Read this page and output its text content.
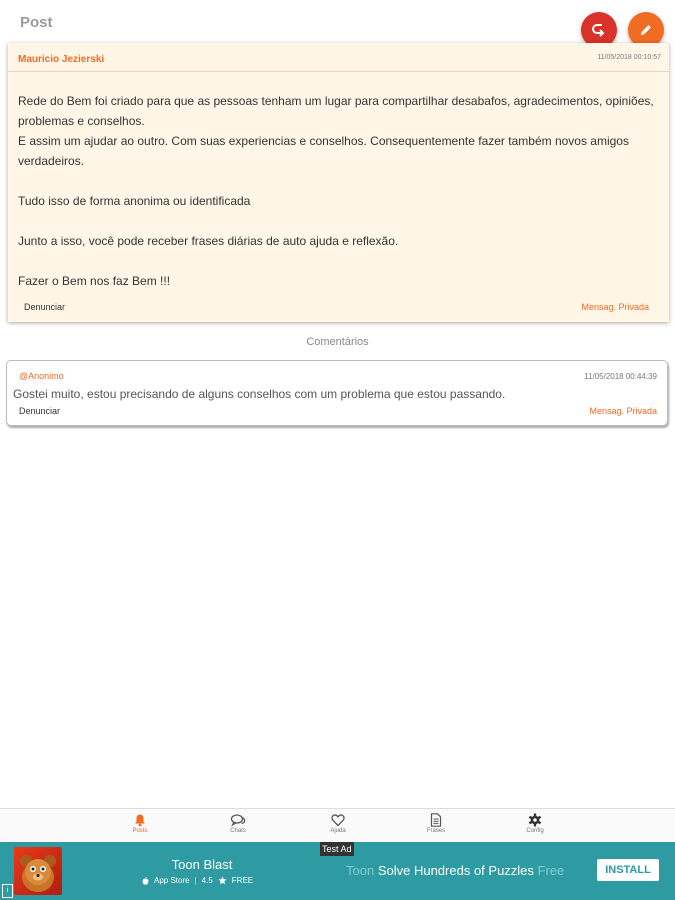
Post
Mauricio Jezierski	11/05/2018 00:10:57
Rede do Bem foi criado para que as pessoas tenham um lugar para compartilhar desabafos, agradecimentos, opiniões, problemas e conselhos.
E assim um ajudar ao outro. Com suas experiencias e conselhos. Consequentemente fazer também novos amigos verdadeiros.

Tudo isso de forma anonima ou identificada

Junto a isso, você pode receber frases diárias de auto ajuda e reflexão.

Fazer o Bem nos faz Bem !!!
Denunciar	Mensag. Privada
Comentários
@Anonimo	11/05/2018 00:44:39
Gostei muito, estou precisando de alguns conselhos com um problema que estou passando.
Denunciar	Mensag. Privada
Posts	Chats	Ajuda	Frases	Config
Test Ad
Toon Blast
App Store | 4.5 FREE
Toon Solve Hundreds of Puzzles Free	INSTALL
i
